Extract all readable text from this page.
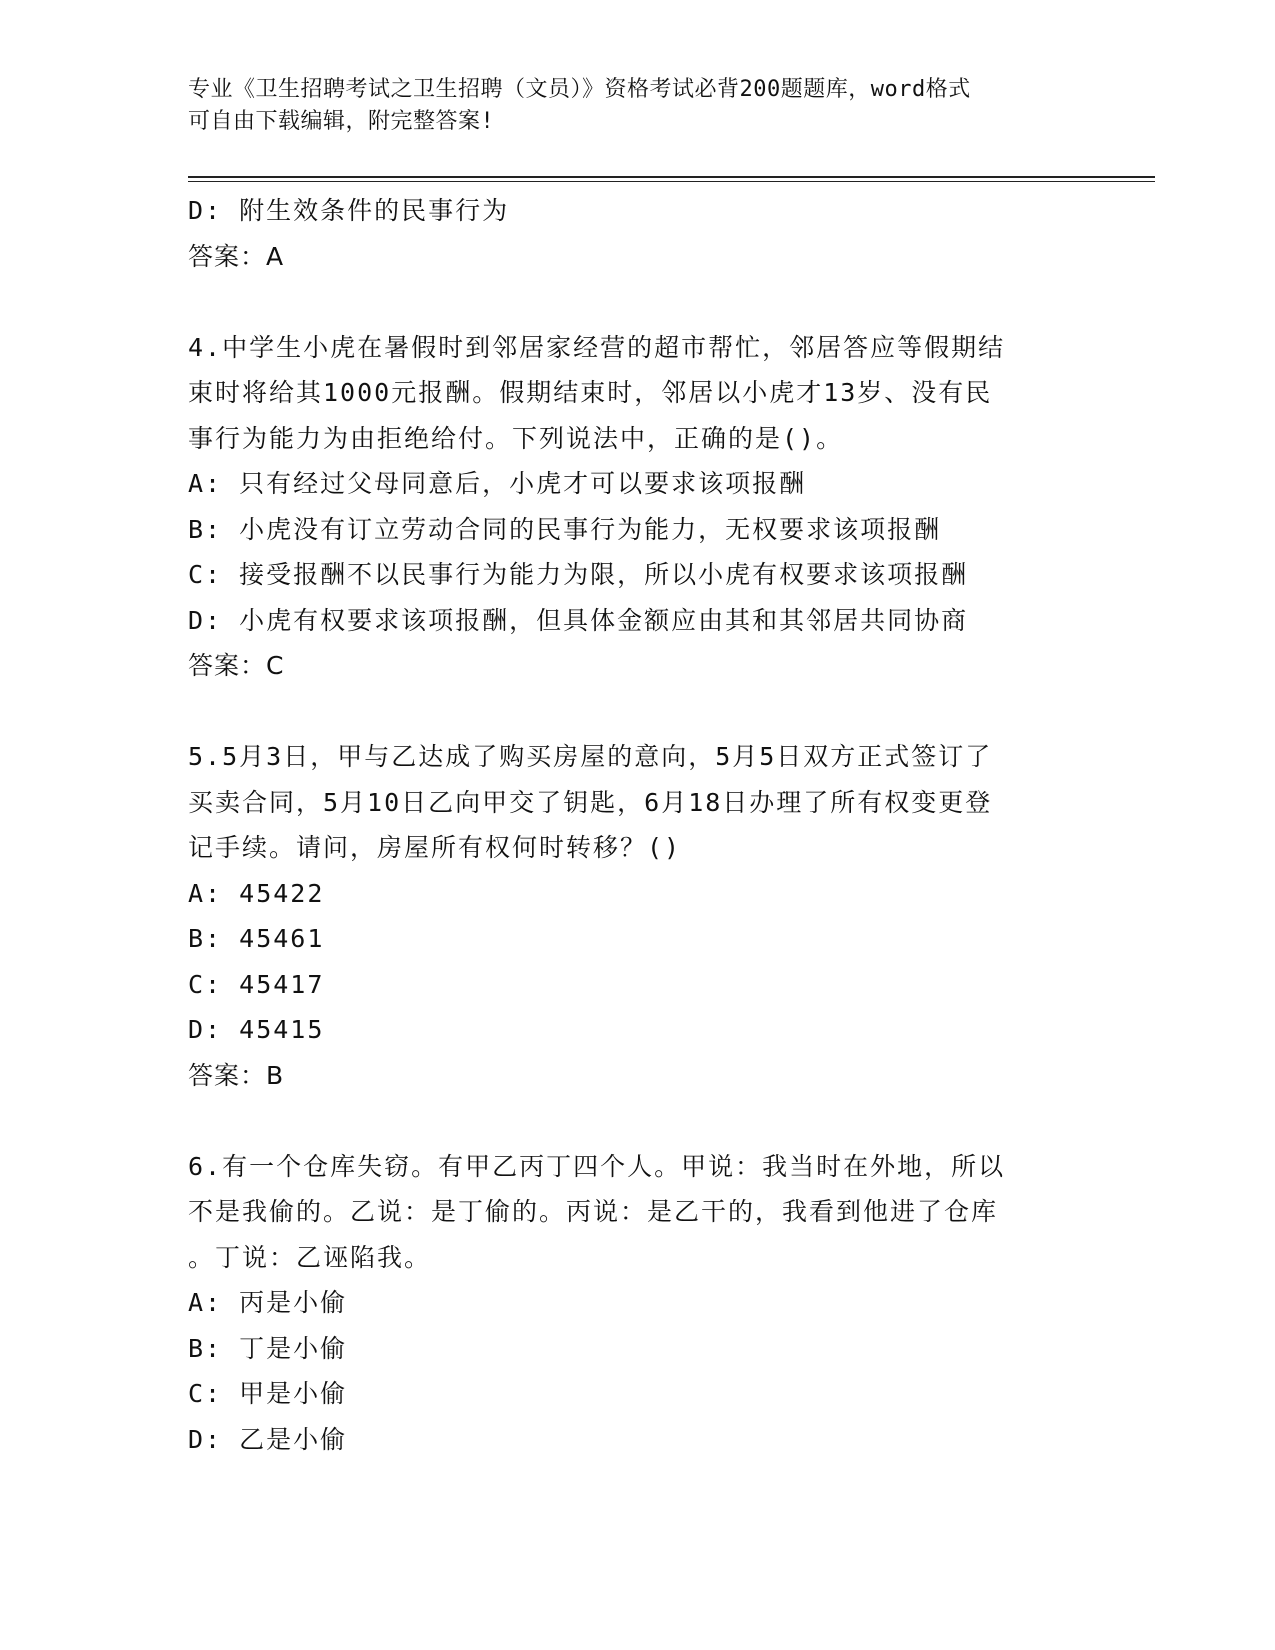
专业《卫生招聘考试之卫生招聘（文员）》资格考试必背200题题库，word格式
可自由下载编辑，附完整答案!
D: 附生效条件的民事行为
答案：A
4.中学生小虎在暑假时到邻居家经营的超市帮忙，邻居答应等假期结
束时将给其1000元报酬。假期结束时，邻居以小虎才13岁、没有民
事行为能力为由拒绝给付。下列说法中，正确的是()。
A: 只有经过父母同意后，小虎才可以要求该项报酬
B: 小虎没有订立劳动合同的民事行为能力，无权要求该项报酬
C: 接受报酬不以民事行为能力为限，所以小虎有权要求该项报酬
D: 小虎有权要求该项报酬，但具体金额应由其和其邻居共同协商
答案：C
5.5月3日，甲与乙达成了购买房屋的意向，5月5日双方正式签订了
买卖合同，5月10日乙向甲交了钥匙，6月18日办理了所有权变更登
记手续。请问，房屋所有权何时转移？()
A: 45422
B: 45461
C: 45417
D: 45415
答案：B
6.有一个仓库失窃。有甲乙丙丁四个人。甲说：我当时在外地，所以
不是我偷的。乙说：是丁偷的。丙说：是乙干的，我看到他进了仓库
。丁说：乙诬陷我。
A: 丙是小偷
B: 丁是小偷
C: 甲是小偷
D: 乙是小偷
